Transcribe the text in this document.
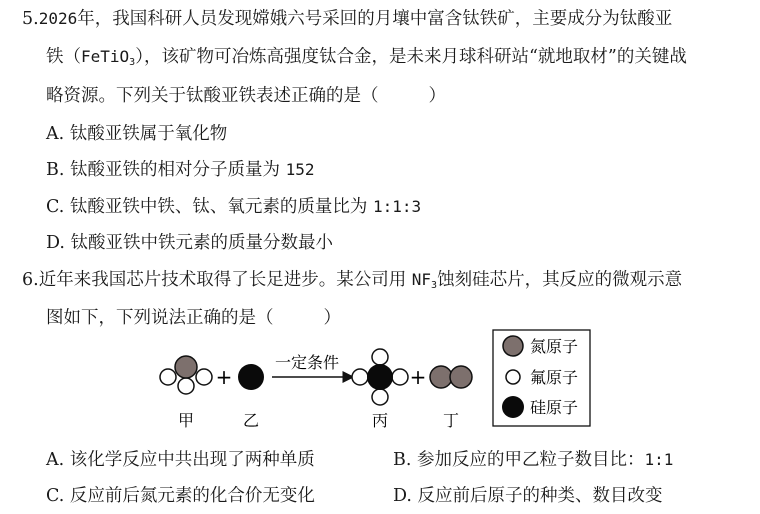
5.2026年，我国科研人员发现嫦娥六号采回的月壤中富含钛铁矿，主要成分为钛酸亚
铁（FeTiO$_3$），该矿物可冶炼高强度钛合金，是未来月球科研站“就地取材”的关键战
略资源。下列关于钛酸亚铁表述正确的是（	）
A. 钛酸亚铁属于氧化物
B. 钛酸亚铁的相对分子质量为 152
C. 钛酸亚铁中铁、钛、氧元素的质量比为 1:1:3
D. 钛酸亚铁中铁元素的质量分数最小
6.近年来我国芯片技术取得了长足进步。某公司用 $NF_3$蚀刻硅芯片，其反应的微观示意
图如下，下列说法正确的是（	）
+
一定条件
+
甲	乙	丙	丁
氮原子
氟原子
硅原子
A. 该化学反应中共出现了两种单质	B. 参加反应的甲乙粒子数目比：1:1
C. 反应前后氮元素的化合价无变化	D. 反应前后原子的种类、数目改变
